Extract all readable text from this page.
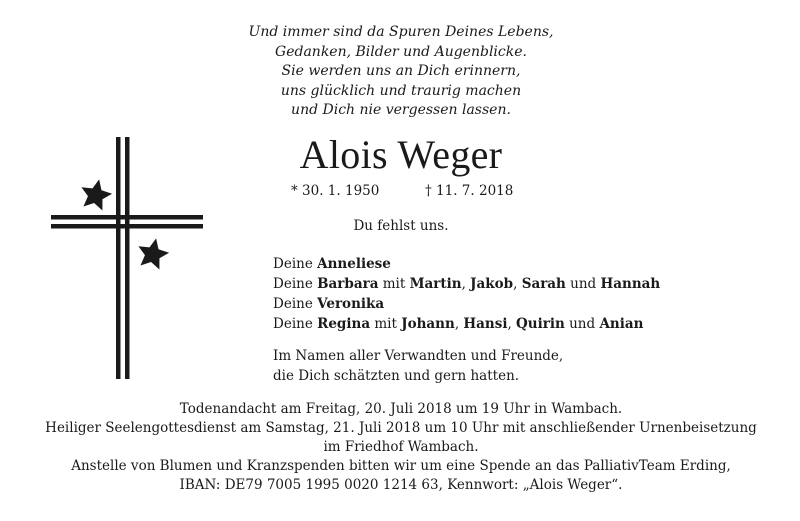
Und immer sind da Spuren Deines Lebens,
Gedanken, Bilder und Augenblicke.
Sie werden uns an Dich erinnern,
uns glücklich und traurig machen
und Dich nie vergessen lassen.
Alois Weger
* 30. 1. 1950	† 11. 7. 2018
Du fehlst uns.
Deine Anneliese
Deine Barbara mit Martin, Jakob, Sarah und Hannah
Deine Veronika
Deine Regina mit Johann, Hansi, Quirin und Anian
Im Namen aller Verwandten und Freunde,
die Dich schätzten und gern hatten.
Todenandacht am Freitag, 20. Juli 2018 um 19 Uhr in Wambach.
Heiliger Seelengottesdienst am Samstag, 21. Juli 2018 um 10 Uhr mit anschließender Urnenbeisetzung
im Friedhof Wambach.
Anstelle von Blumen und Kranzspenden bitten wir um eine Spende an das PalliativTeam Erding,
IBAN: DE79 7005 1995 0020 1214 63, Kennwort: „Alois Weger“.
